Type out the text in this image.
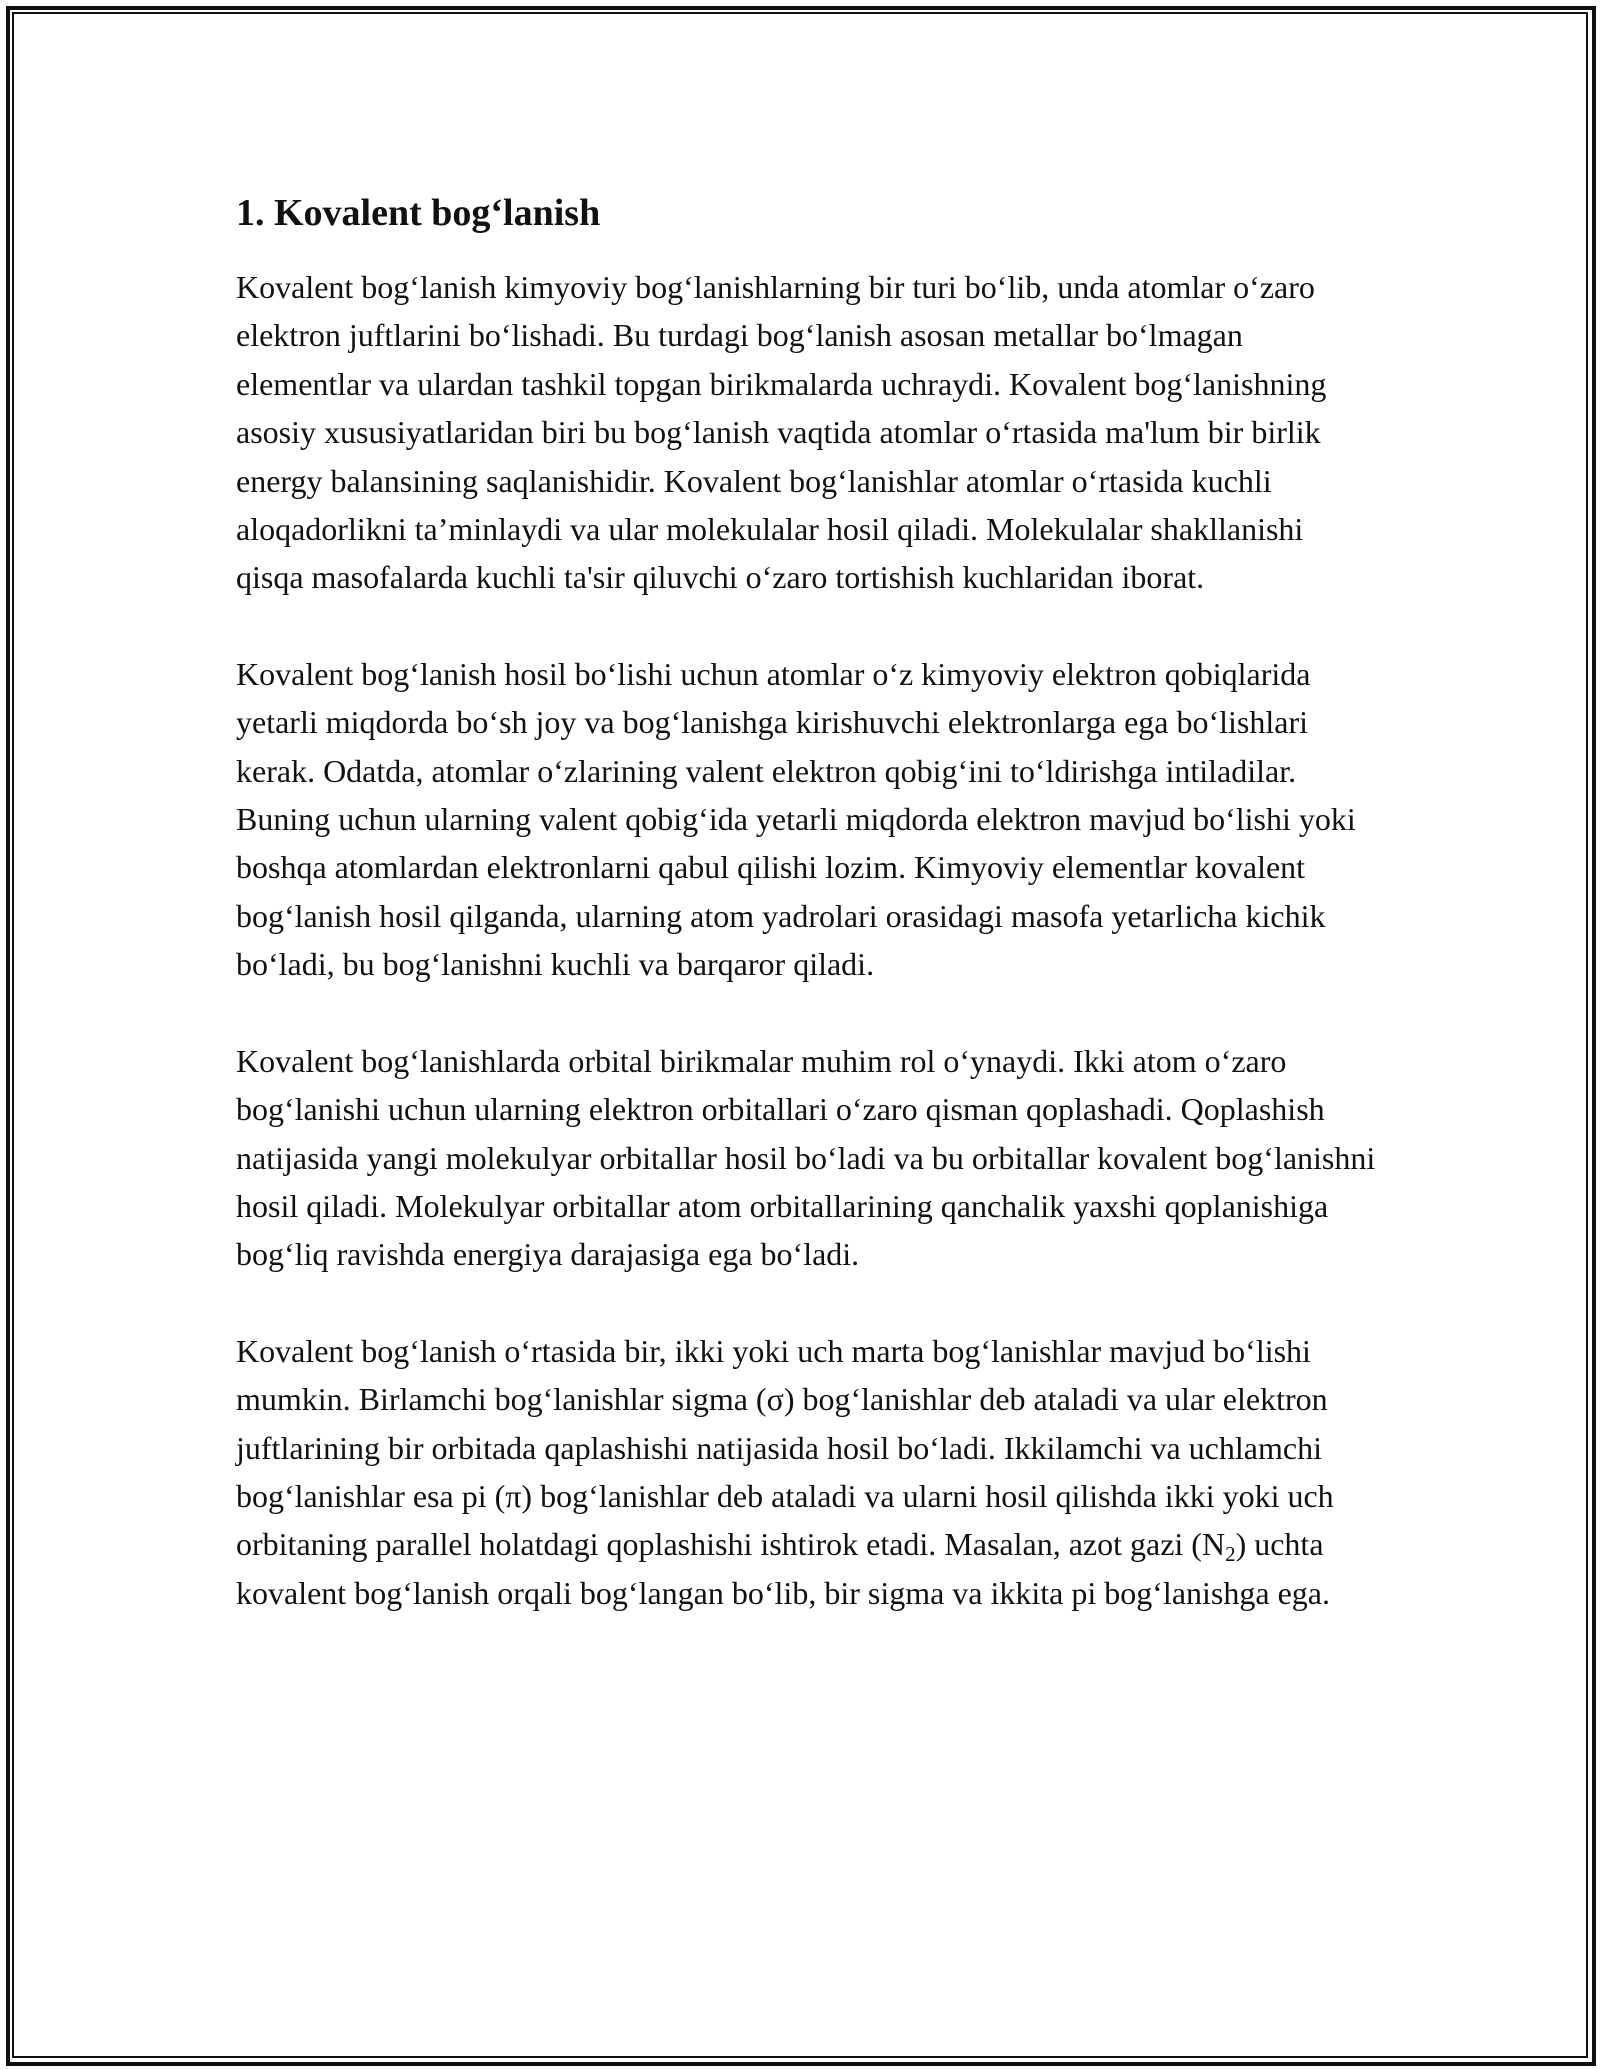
1. Kovalent bog‘lanish

Kovalent bog‘lanish kimyoviy bog‘lanishlarning bir turi bo‘lib, unda atomlar o‘zaro elektron juftlarini bo‘lishadi. Bu turdagi bog‘lanish asosan metallar bo‘lmagan elementlar va ulardan tashkil topgan birikmalarda uchraydi. Kovalent bog‘lanishning asosiy xususiyatlaridan biri bu bog‘lanish vaqtida atomlar o‘rtasida ma'lum bir birlik energy balansining saqlanishidir. Kovalent bog‘lanishlar atomlar o‘rtasida kuchli aloqadorlikni ta’minlaydi va ular molekulalar hosil qiladi. Molekulalar shakllanishi qisqa masofalarda kuchli ta'sir qiluvchi o‘zaro tortishish kuchlaridan iborat.

Kovalent bog‘lanish hosil bo‘lishi uchun atomlar o‘z kimyoviy elektron qobiqlarida yetarli miqdorda bo‘sh joy va bog‘lanishga kirishuvchi elektronlarga ega bo‘lishlari kerak. Odatda, atomlar o‘zlarining valent elektron qobig‘ini to‘ldirishga intiladilar. Buning uchun ularning valent qobig‘ida yetarli miqdorda elektron mavjud bo‘lishi yoki boshqa atomlardan elektronlarni qabul qilishi lozim. Kimyoviy elementlar kovalent bog‘lanish hosil qilganda, ularning atom yadrolari orasidagi masofa yetarlicha kichik bo‘ladi, bu bog‘lanishni kuchli va barqaror qiladi.

Kovalent bog‘lanishlarda orbital birikmalar muhim rol o‘ynaydi. Ikki atom o‘zaro bog‘lanishi uchun ularning elektron orbitallari o‘zaro qisman qoplashadi. Qoplashish natijasida yangi molekulyar orbitallar hosil bo‘ladi va bu orbitallar kovalent bog‘lanishni hosil qiladi. Molekulyar orbitallar atom orbitallarining qanchalik yaxshi qoplanishiga bog‘liq ravishda energiya darajasiga ega bo‘ladi.

Kovalent bog‘lanish o‘rtasida bir, ikki yoki uch marta bog‘lanishlar mavjud bo‘lishi mumkin. Birlamchi bog‘lanishlar sigma (σ) bog‘lanishlar deb ataladi va ular elektron juftlarining bir orbitada qaplashishi natijasida hosil bo‘ladi. Ikkilamchi va uchlamchi bog‘lanishlar esa pi (π) bog‘lanishlar deb ataladi va ularni hosil qilishda ikki yoki uch orbitaning parallel holatdagi qoplashishi ishtirok etadi. Masalan, azot gazi $(N_2)$ uchta kovalent bog‘lanish orqali bog‘langan bo‘lib, bir sigma va ikkita pi bog‘lanishga ega.
